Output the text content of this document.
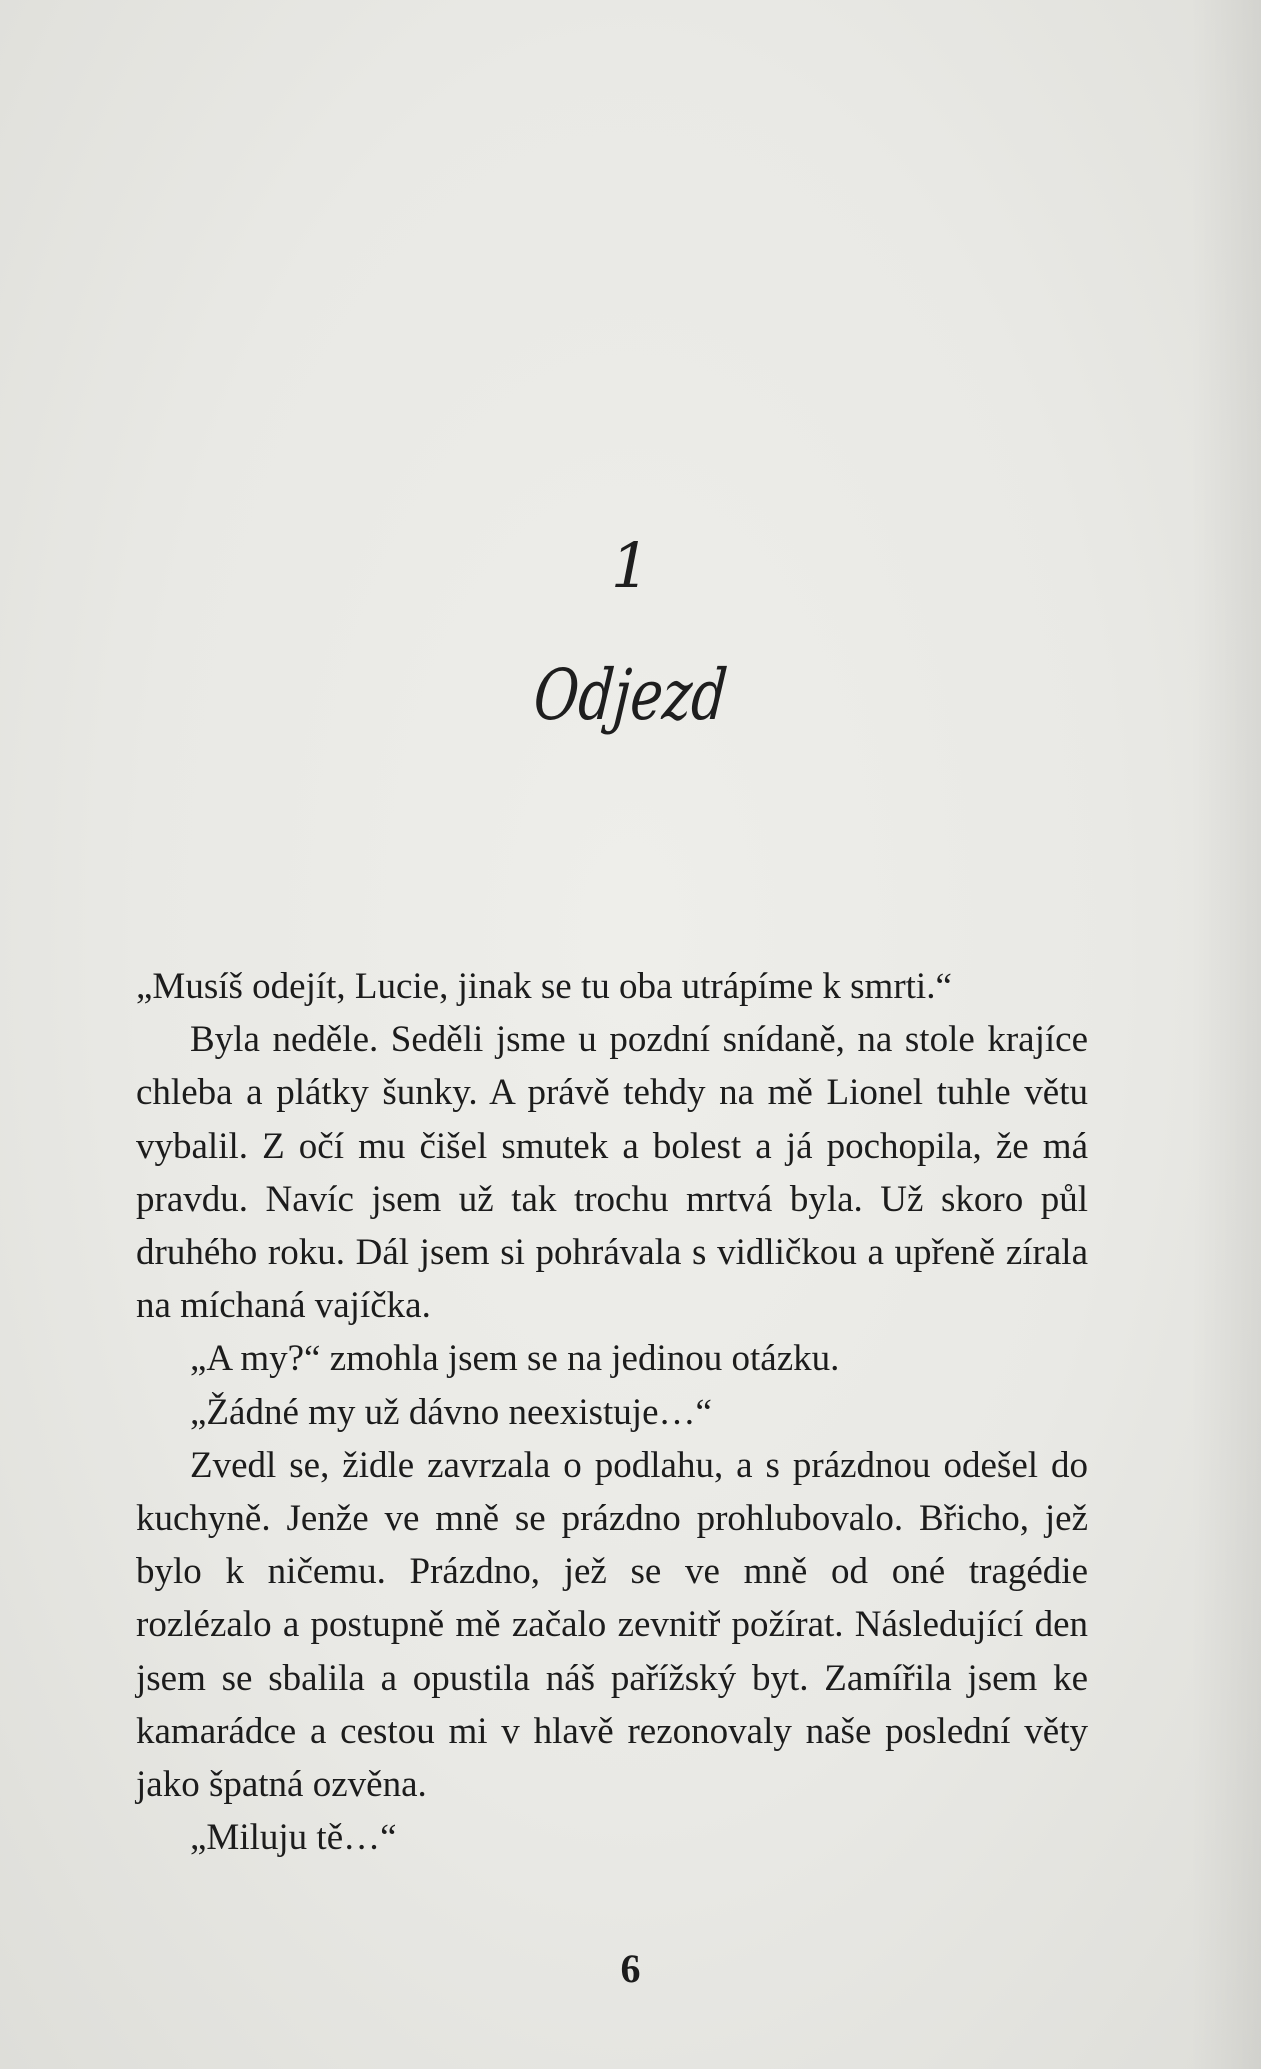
1
Odjezd

„Musíš odejít, Lucie, jinak se tu oba utrápíme k smrti.“

Byla neděle. Seděli jsme u pozdní snídaně, na stole krajíce chleba a plátky šunky. A právě tehdy na mě Lionel tuhle větu vybalil. Z očí mu čišel smutek a bolest a já pochopila, že má pravdu. Navíc jsem už tak trochu mrtvá byla. Už skoro půl druhého roku. Dál jsem si pohrávala s vidličkou a upřeně zírala na míchaná vajíčka.

„A my?“ zmohla jsem se na jedinou otázku.

„Žádné my už dávno neexistuje…“

Zvedl se, židle zavrzala o podlahu, a s prázdnou odešel do kuchyně. Jenže ve mně se prázdno prohlubovalo. Břicho, jež bylo k ničemu. Prázdno, jež se ve mně od oné tragédie rozlézalo a postupně mě začalo zevnitř požírat. Následující den jsem se sbalila a opustila náš pařížský byt. Zamířila jsem ke kamarádce a cestou mi v hlavě rezonovaly naše poslední věty jako špatná ozvěna.

„Miluju tě…“

6
